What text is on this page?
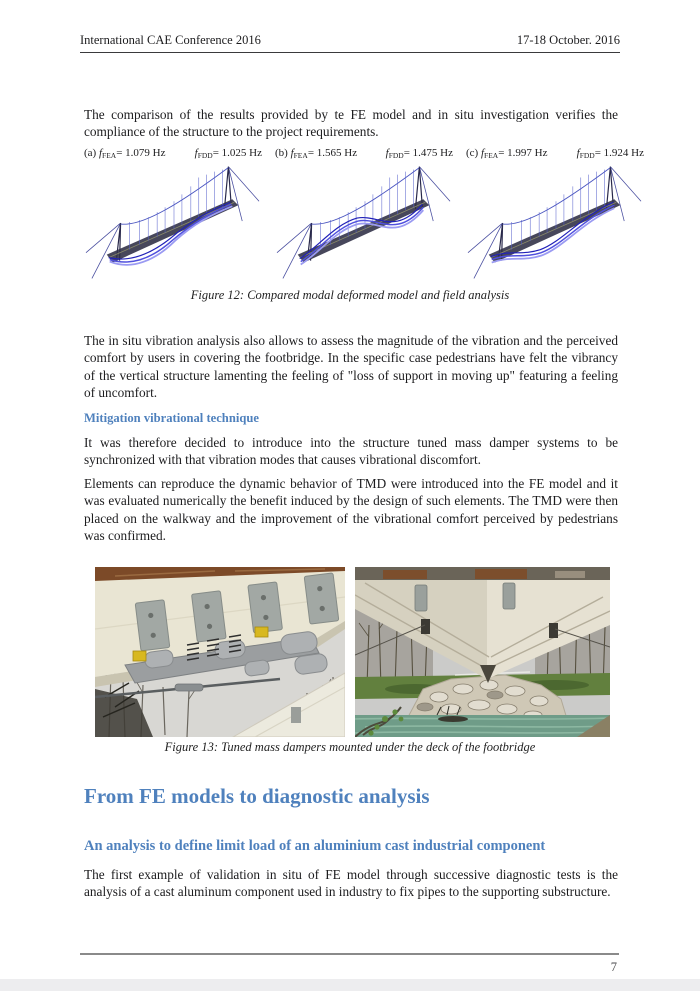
International CAE Conference 2016	17-18 October. 2016
The comparison of the results provided by te FE model and in situ investigation verifies the compliance of the structure to the project requirements.
(a) fFEA= 1.079 Hz	fFDD= 1.025 Hz (b) fFEA= 1.565 Hz	fFDD= 1.475 Hz (c) fFEA= 1.997 Hz	fFDD= 1.924 Hz
Figure 12: Compared modal deformed model and field analysis
The in situ vibration analysis also allows to assess the magnitude of the vibration and the perceived comfort by users in covering the footbridge. In the specific case pedestrians have felt the vibrancy of the vertical structure lamenting the feeling of "loss of support in moving up" featuring a feeling of uncomfort.
Mitigation vibrational technique
It was therefore decided to introduce into the structure tuned mass damper systems to be synchronized with that vibration modes that causes vibrational discomfort.
Elements can reproduce the dynamic behavior of TMD were introduced into the FE model and it was evaluated numerically the benefit induced by the design of such elements. The TMD were then placed on the walkway and the improvement of the vibrational comfort perceived by pedestrians was confirmed.
Figure 13: Tuned mass dampers mounted under the deck of the footbridge
From FE models to diagnostic analysis
An analysis to define limit load of an aluminium cast industrial component
The first example of validation in situ of FE model through successive diagnostic tests is the analysis of a cast aluminum component used in industry to fix pipes to the supporting substructure.
7
